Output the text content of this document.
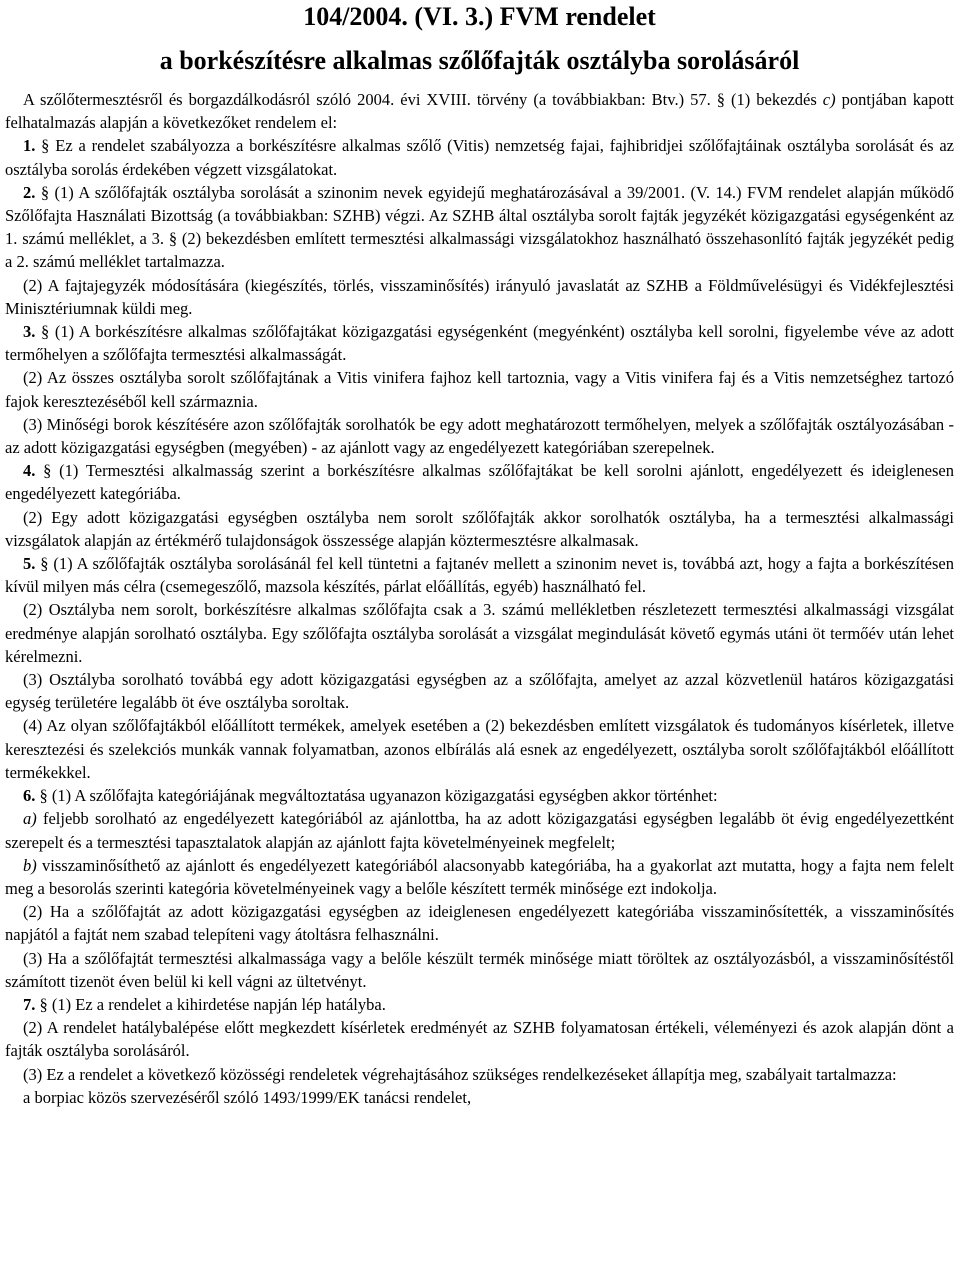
104/2004. (VI. 3.) FVM rendelet
a borkészítésre alkalmas szőlőfajták osztályba sorolásáról

A szőlőtermesztésről és borgazdálkodásról szóló 2004. évi XVIII. törvény (a továbbiakban: Btv.) 57. § (1) bekezdés c) pontjában kapott felhatalmazás alapján a következőket rendelem el:

1. § Ez a rendelet szabályozza a borkészítésre alkalmas szőlő (Vitis) nemzetség fajai, fajhibridjei szőlőfajtáinak osztályba sorolását és az osztályba sorolás érdekében végzett vizsgálatokat.

2. § (1) A szőlőfajták osztályba sorolását a szinonim nevek egyidejű meghatározásával a 39/2001. (V. 14.) FVM rendelet alapján működő Szőlőfajta Használati Bizottság (a továbbiakban: SZHB) végzi. Az SZHB által osztályba sorolt fajták jegyzékét közigazgatási egységenként az 1. számú melléklet, a 3. § (2) bekezdésben említett termesztési alkalmassági vizsgálatokhoz használható összehasonlító fajták jegyzékét pedig a 2. számú melléklet tartalmazza.

(2) A fajtajegyzék módosítására (kiegészítés, törlés, visszaminősítés) irányuló javaslatát az SZHB a Földművelésügyi és Vidékfejlesztési Minisztériumnak küldi meg.

3. § (1) A borkészítésre alkalmas szőlőfajtákat közigazgatási egységenként (megyénként) osztályba kell sorolni, figyelembe véve az adott termőhelyen a szőlőfajta termesztési alkalmasságát.

(2) Az összes osztályba sorolt szőlőfajtának a Vitis vinifera fajhoz kell tartoznia, vagy a Vitis vinifera faj és a Vitis nemzetséghez tartozó fajok keresztezéséből kell származnia.

(3) Minőségi borok készítésére azon szőlőfajták sorolhatók be egy adott meghatározott termőhelyen, melyek a szőlőfajták osztályozásában - az adott közigazgatási egységben (megyében) - az ajánlott vagy az engedélyezett kategóriában szerepelnek.

4. § (1) Termesztési alkalmasság szerint a borkészítésre alkalmas szőlőfajtákat be kell sorolni ajánlott, engedélyezett és ideiglenesen engedélyezett kategóriába.

(2) Egy adott közigazgatási egységben osztályba nem sorolt szőlőfajták akkor sorolhatók osztályba, ha a termesztési alkalmassági vizsgálatok alapján az értékmérő tulajdonságok összessége alapján köztermesztésre alkalmasak.

5. § (1) A szőlőfajták osztályba sorolásánál fel kell tüntetni a fajtanév mellett a szinonim nevet is, továbbá azt, hogy a fajta a borkészítésen kívül milyen más célra (csemegeszőlő, mazsola készítés, párlat előállítás, egyéb) használható fel.

(2) Osztályba nem sorolt, borkészítésre alkalmas szőlőfajta csak a 3. számú mellékletben részletezett termesztési alkalmassági vizsgálat eredménye alapján sorolható osztályba. Egy szőlőfajta osztályba sorolását a vizsgálat megindulását követő egymás utáni öt termőév után lehet kérelmezni.

(3) Osztályba sorolható továbbá egy adott közigazgatási egységben az a szőlőfajta, amelyet az azzal közvetlenül határos közigazgatási egység területére legalább öt éve osztályba soroltak.

(4) Az olyan szőlőfajtákból előállított termékek, amelyek esetében a (2) bekezdésben említett vizsgálatok és tudományos kísérletek, illetve keresztezési és szelekciós munkák vannak folyamatban, azonos elbírálás alá esnek az engedélyezett, osztályba sorolt szőlőfajtákból előállított termékekkel.

6. § (1) A szőlőfajta kategóriájának megváltoztatása ugyanazon közigazgatási egységben akkor történhet:

a) feljebb sorolható az engedélyezett kategóriából az ajánlottba, ha az adott közigazgatási egységben legalább öt évig engedélyezettként szerepelt és a termesztési tapasztalatok alapján az ajánlott fajta követelményeinek megfelelt;

b) visszaminősíthető az ajánlott és engedélyezett kategóriából alacsonyabb kategóriába, ha a gyakorlat azt mutatta, hogy a fajta nem felelt meg a besorolás szerinti kategória követelményeinek vagy a belőle készített termék minősége ezt indokolja.

(2) Ha a szőlőfajtát az adott közigazgatási egységben az ideiglenesen engedélyezett kategóriába visszaminősítették, a visszaminősítés napjától a fajtát nem szabad telepíteni vagy átoltásra felhasználni.

(3) Ha a szőlőfajtát termesztési alkalmassága vagy a belőle készült termék minősége miatt töröltek az osztályozásból, a visszaminősítéstől számított tizenöt éven belül ki kell vágni az ültetvényt.

7. § (1) Ez a rendelet a kihirdetése napján lép hatályba.

(2) A rendelet hatálybalépése előtt megkezdett kísérletek eredményét az SZHB folyamatosan értékeli, véleményezi és azok alapján dönt a fajták osztályba sorolásáról.

(3) Ez a rendelet a következő közösségi rendeletek végrehajtásához szükséges rendelkezéseket állapítja meg, szabályait tartalmazza:

a borpiac közös szervezéséről szóló 1493/1999/EK tanácsi rendelet,
